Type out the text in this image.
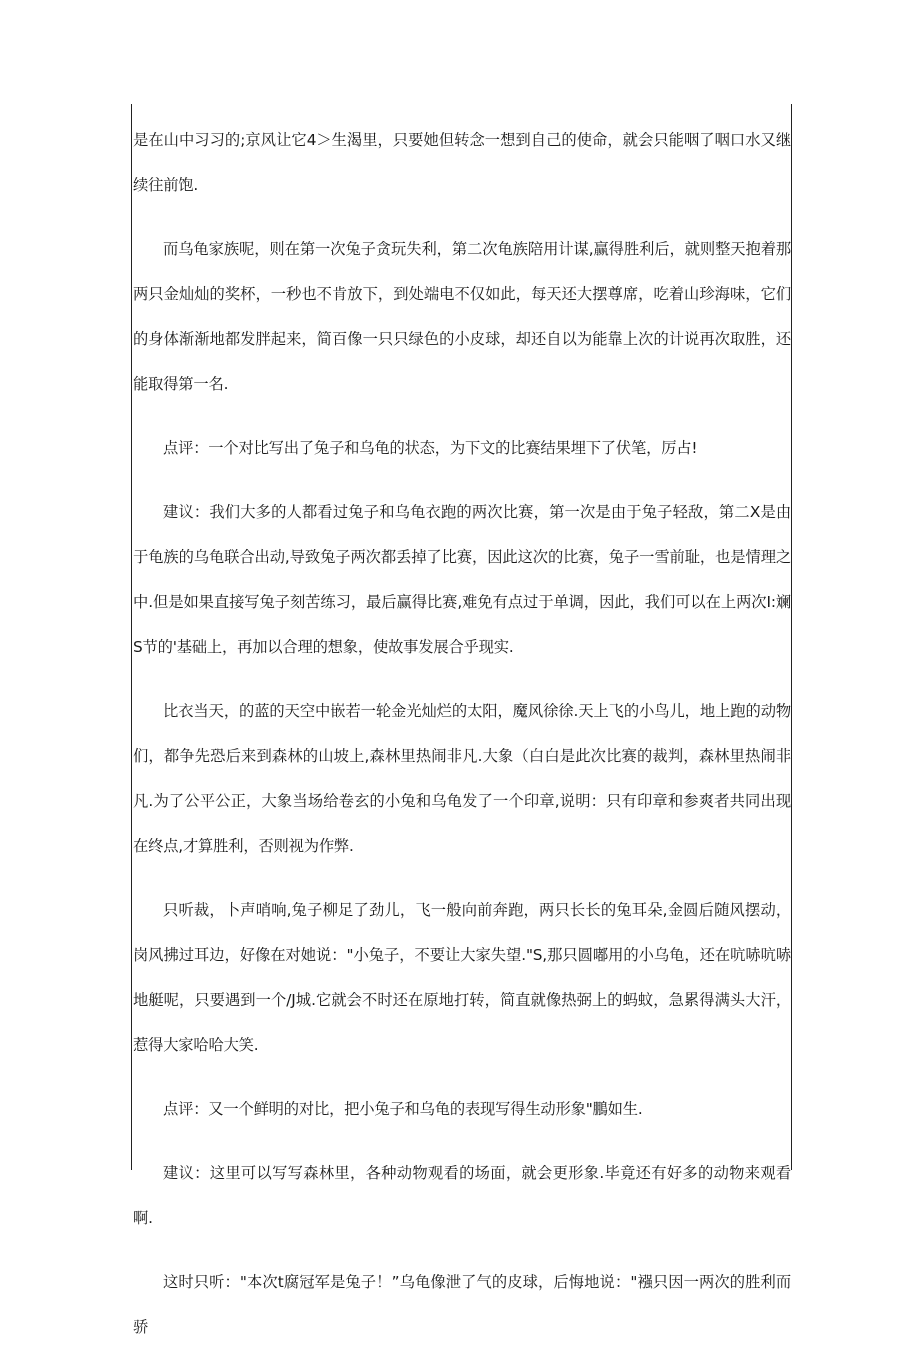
是在山中习习的;京风让它4＞生渴里，只要她但转念一想到自己的使命，就会只能咽了咽口水又继续往前饱.

而乌龟家族呢，则在第一次兔子贪玩失利，第二次龟族陪用计谋,赢得胜利后，就则整天抱着那两只金灿灿的奖杯，一秒也不肯放下，到处端电不仅如此，每天还大摆尊席，吃着山珍海味，它们的身体渐渐地都发胖起来，简百像一只只绿色的小皮球，却还自以为能靠上次的计说再次取胜，还能取得第一名.

点评：一个对比写出了兔子和乌龟的状态，为下文的比赛结果埋下了伏笔，厉占!

建议：我们大多的人都看过兔子和乌龟衣跑的两次比赛，第一次是由于兔子轻敌，第二X是由于龟族的乌龟联合出动,导致兔子两次都丢掉了比赛，因此这次的比赛，兔子一雪前耻，也是情理之中.但是如果直接写兔子刻苦练习，最后赢得比赛,难免有点过于单调，因此，我们可以在上两次I:斓S节的'基础上，再加以合理的想象，使故事发展合乎现实.

比衣当天，的蓝的天空中嵌若一轮金光灿烂的太阳，魔风徐徐.天上飞的小鸟儿，地上跑的动物们，都争先恐后来到森林的山坡上,森林里热闹非凡.大象（白白是此次比赛的裁判，森林里热闹非凡.为了公平公正，大象当场给卷玄的小兔和乌龟发了一个印章,说明：只有印章和参爽者共同出现在终点,才算胜利，否则视为作弊.

只听裁，卜声哨响,兔子柳足了劲儿，飞一般向前奔跑，两只长长的兔耳朵,金圆后随风摆动，岗风拂过耳边，好像在对她说："小兔子，不要让大家失望."S,那只圆嘟用的小乌龟，还在吭哧吭哧地艇呢，只要遇到一个/J城.它就会不时还在原地打转，简直就像热弼上的蚂蚊，急累得满头大汗，惹得大家哈哈大笑.

点评：又一个鲜明的对比，把小兔子和乌龟的表现写得生动形象"鵬如生.

建议：这里可以写写森林里，各种动物观看的场面，就会更形象.毕竟还有好多的动物来观看啊.

这时只听："本次t腐冠军是兔子！”乌龟像泄了气的皮球，后悔地说："襁只因一两次的胜利而骄
